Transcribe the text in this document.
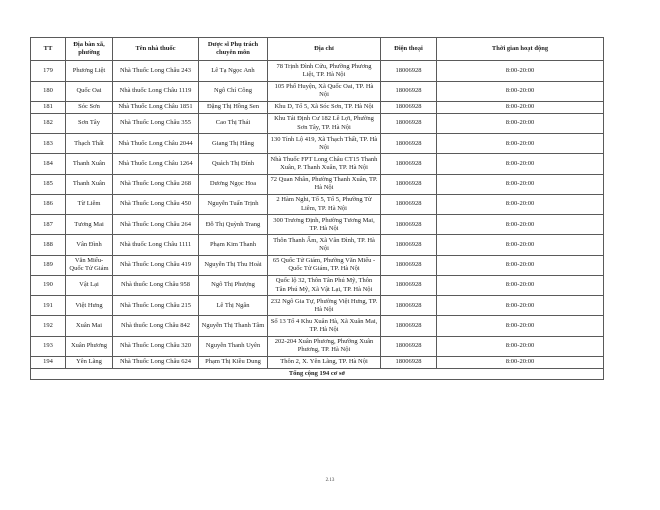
TT	Địa bàn xã, phường	Tên nhà thuốc	Dược sĩ Phụ trách chuyên môn	Địa chỉ	Điện thoại	Thời gian hoạt động
179	Phương Liệt	Nhà Thuốc Long Châu 243	Lê Tạ Ngọc Anh	78 Trịnh Đình Cửu, Phường Phương Liệt, TP. Hà Nội	18006928	8:00-20:00
180	Quốc Oai	Nhà thuốc Long Châu 1119	Ngô Chí Công	105 Phố Huyện, Xã Quốc Oai, TP. Hà Nội	18006928	8:00-20:00
181	Sóc Sơn	Nhà Thuốc Long Châu 1851	Đặng Thị Hồng Sen	Khu D, Tổ 5, Xã Sóc Sơn, TP. Hà Nội	18006928	8:00-20:00
182	Sơn Tây	Nhà Thuốc Long Châu 355	Cao Thị Thái	Khu Tái Định Cư 182 Lê Lợi, Phường Sơn Tây, TP. Hà Nội	18006928	8:00-20:00
183	Thạch Thất	Nhà Thuốc Long Châu 2044	Giang Thị Hằng	130 Tỉnh Lộ 419, Xã Thạch Thất, TP. Hà Nội	18006928	8:00-20:00
184	Thanh Xuân	Nhà Thuốc Long Châu 1264	Quách Thị Đính	Nhà Thuốc FPT Long Châu CT15 Thanh Xuân, P. Thanh Xuân, TP. Hà Nội	18006928	8:00-20:00
185	Thanh Xuân	Nhà Thuốc Long Châu 268	Dương Ngọc Hoa	72 Quan Nhân, Phường Thanh Xuân, TP. Hà Nội	18006928	8:00-20:00
186	Từ Liêm	Nhà Thuốc Long Châu 450	Nguyễn Tuấn Trịnh	2 Hàm Nghi, Tổ 5, Tổ 5, Phường Từ Liêm, TP. Hà Nội	18006928	8:00-20:00
187	Tương Mai	Nhà Thuốc Long Châu 264	Đỗ Thị Quỳnh Trang	300 Trương Định, Phường Tương Mai, TP. Hà Nội	18006928	8:00-20:00
188	Vân Đình	Nhà thuốc Long Châu 1111	Phạm Kim Thanh	Thôn Thanh Ấm, Xã Vân Đình, TP. Hà Nội	18006928	8:00-20:00
189	Văn Miếu-Quốc Tử Giám	Nhà Thuốc Long Châu 419	Nguyễn Thị Thu Hoài	65 Quốc Tử Giám, Phường Văn Miếu - Quốc Tử Giám, TP. Hà Nội	18006928	8:00-20:00
190	Vật Lại	Nhà thuốc Long Châu 958	Ngô Thị Phượng	Quốc lộ 32, Thôn Tân Phú Mỹ, Thôn Tân Phú Mỹ, Xã Vật Lại, TP. Hà Nội	18006928	8:00-20:00
191	Việt Hưng	Nhà Thuốc Long Châu 215	Lê Thị Ngân	232 Ngô Gia Tự, Phường Việt Hưng, TP. Hà Nội	18006928	8:00-20:00
192	Xuân Mai	Nhà thuốc Long Châu 842	Nguyễn Thị Thanh Tâm	Số 13 Tổ 4 Khu Xuân Hà, Xã Xuân Mai, TP. Hà Nội	18006928	8:00-20:00
193	Xuân Phương	Nhà Thuốc Long Châu 320	Nguyễn Thanh Uyên	202-204 Xuân Phương, Phường Xuân Phương, TP. Hà Nội	18006928	8:00-20:00
194	Yên Lãng	Nhà Thuốc Long Châu 624	Phạm Thị Kiều Dung	Thôn 2, X. Yên Lãng, TP. Hà Nội	18006928	8:00-20:00
Tổng cộng 194 cơ sở						
2.13
